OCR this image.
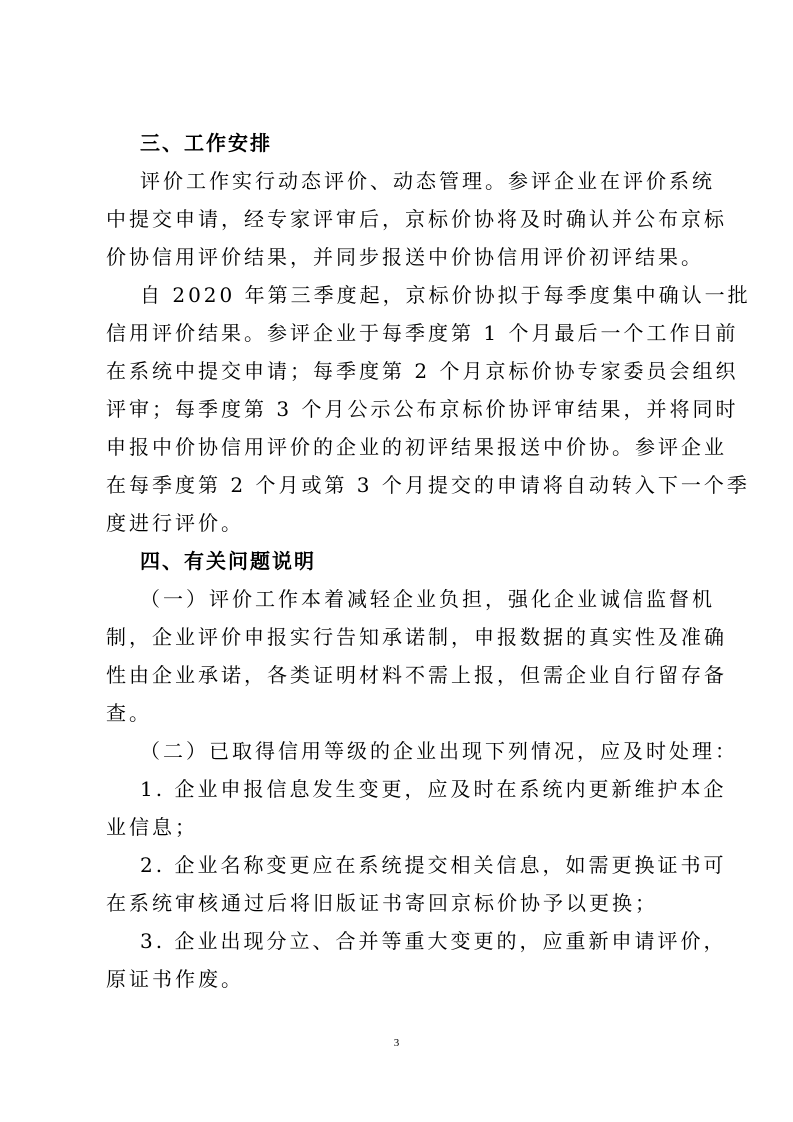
三、工作安排
评价工作实行动态评价、动态管理。参评企业在评价系统
中提交申请，经专家评审后，京标价协将及时确认并公布京标
价协信用评价结果，并同步报送中价协信用评价初评结果。
自 2020 年第三季度起，京标价协拟于每季度集中确认一批
信用评价结果。参评企业于每季度第 1 个月最后一个工作日前
在系统中提交申请；每季度第 2 个月京标价协专家委员会组织
评审；每季度第 3 个月公示公布京标价协评审结果，并将同时
申报中价协信用评价的企业的初评结果报送中价协。参评企业
在每季度第 2 个月或第 3 个月提交的申请将自动转入下一个季
度进行评价。
四、有关问题说明
（一）评价工作本着减轻企业负担，强化企业诚信监督机
制，企业评价申报实行告知承诺制，申报数据的真实性及准确
性由企业承诺，各类证明材料不需上报，但需企业自行留存备
查。
（二）已取得信用等级的企业出现下列情况，应及时处理：
1. 企业申报信息发生变更，应及时在系统内更新维护本企
业信息；
2. 企业名称变更应在系统提交相关信息，如需更换证书可
在系统审核通过后将旧版证书寄回京标价协予以更换；
3. 企业出现分立、合并等重大变更的，应重新申请评价，
原证书作废。
3
